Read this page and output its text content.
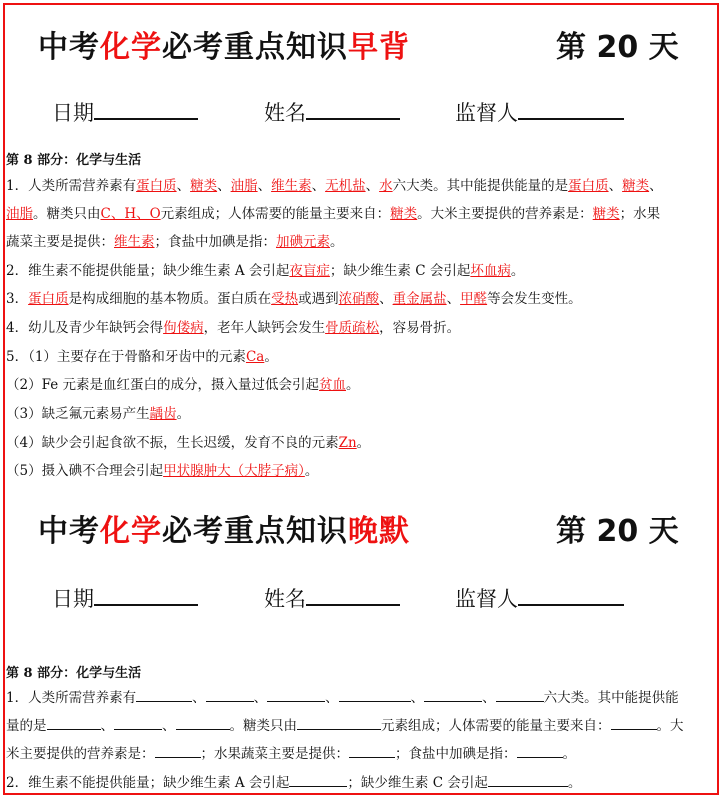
中考化学必考重点知识早背	第 20 天
日期	姓名	监督人
第 8 部分：化学与生活
1．人类所需营养素有蛋白质、糖类、油脂、维生素、无机盐、水六大类。其中能提供能量的是蛋白质、糖类、
油脂。糖类只由C、H、O元素组成；人体需要的能量主要来自：糖类。大米主要提供的营养素是：糖类；水果
蔬菜主要是提供：维生素；食盐中加碘是指：加碘元素。
2．维生素不能提供能量；缺少维生素 A 会引起夜盲症；缺少维生素 C 会引起坏血病。
3．蛋白质是构成细胞的基本物质。蛋白质在受热或遇到浓硝酸、重金属盐、甲醛等会发生变性。
4．幼儿及青少年缺钙会得佝偻病，老年人缺钙会发生骨质疏松，容易骨折。
5．（1）主要存在于骨骼和牙齿中的元素Ca。
（2）Fe 元素是血红蛋白的成分，摄入量过低会引起贫血。
（3）缺乏氟元素易产生龋齿。
（4）缺少会引起食欲不振，生长迟缓，发育不良的元素Zn。
（5）摄入碘不合理会引起甲状腺肿大（大脖子病）。
中考化学必考重点知识晚默	第 20 天
日期	姓名	监督人
第 8 部分：化学与生活
1．人类所需营养素有	、	、	、	、	、	六大类。其中能提供能
量的是	、	、	。糖类只由	元素组成；人体需要的能量主要来自：	。大
米主要提供的营养素是：	；水果蔬菜主要是提供：	；食盐中加碘是指：	。
2．维生素不能提供能量；缺少维生素 A 会引起	；缺少维生素 C 会引起	。
